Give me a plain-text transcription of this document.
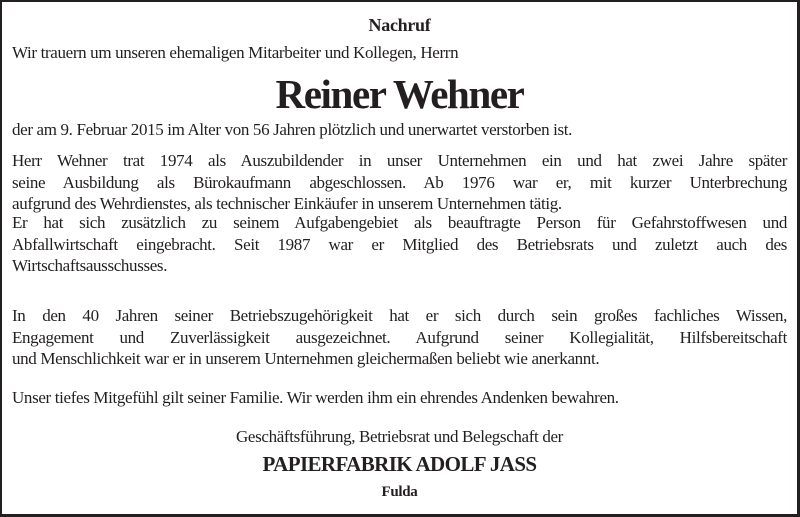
Nachruf
Wir trauern um unseren ehemaligen Mitarbeiter und Kollegen, Herrn
Reiner Wehner
der am 9. Februar 2015 im Alter von 56 Jahren plötzlich und unerwartet verstorben ist.
Herr Wehner trat 1974 als Auszubildender in unser Unternehmen ein und hat zwei Jahre später
seine Ausbildung als Bürokaufmann abgeschlossen. Ab 1976 war er, mit kurzer Unterbrechung
aufgrund des Wehrdienstes, als technischer Einkäufer in unserem Unternehmen tätig.
Er hat sich zusätzlich zu seinem Aufgabengebiet als beauftragte Person für Gefahrstoffwesen und
Abfallwirtschaft eingebracht. Seit 1987 war er Mitglied des Betriebsrats und zuletzt auch des
Wirtschaftsausschusses.
In den 40 Jahren seiner Betriebszugehörigkeit hat er sich durch sein großes fachliches Wissen,
Engagement und Zuverlässigkeit ausgezeichnet. Aufgrund seiner Kollegialität, Hilfsbereitschaft
und Menschlichkeit war er in unserem Unternehmen gleichermaßen beliebt wie anerkannt.
Unser tiefes Mitgefühl gilt seiner Familie. Wir werden ihm ein ehrendes Andenken bewahren.
Geschäftsführung, Betriebsrat und Belegschaft der
PAPIERFABRIK ADOLF JASS
Fulda
